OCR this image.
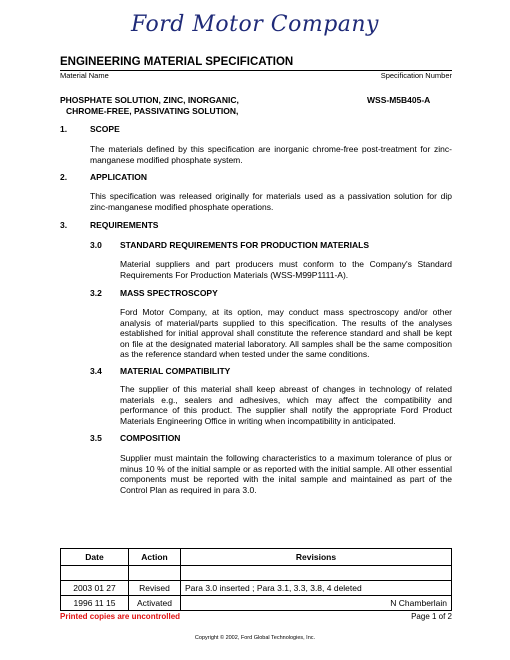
Ford Motor Company
ENGINEERING MATERIAL SPECIFICATION
Material Name	Specification Number
PHOSPHATE SOLUTION, ZINC, INORGANIC,
CHROME-FREE, PASSIVATING SOLUTION,
WSS-M5B405-A
1.	SCOPE
The materials defined by this specification are inorganic chrome-free post-treatment for zinc-manganese modified phosphate system.
2.	APPLICATION
This specification was released originally for materials used as a passivation solution for dip zinc-manganese modified phosphate operations.
3.	REQUIREMENTS
3.0 STANDARD REQUIREMENTS FOR PRODUCTION MATERIALS
Material suppliers and part producers must conform to the Company's Standard Requirements For Production Materials (WSS-M99P1111-A).
3.2 MASS SPECTROSCOPY
Ford Motor Company, at its option, may conduct mass spectroscopy and/or other analysis of material/parts supplied to this specification. The results of the analyses established for initial approval shall constitute the reference standard and shall be kept on file at the designated material laboratory. All samples shall be the same composition as the reference standard when tested under the same conditions.
3.4 MATERIAL COMPATIBILITY
The supplier of this material shall keep abreast of changes in technology of related materials e.g., sealers and adhesives, which may affect the compatibility and performance of this product. The supplier shall notify the appropriate Ford Product Materials Engineering Office in writing when incompatibility in anticipated.
3.5 COMPOSITION
Supplier must maintain the following characteristics to a maximum tolerance of plus or minus 10 % of the initial sample or as reported with the initial sample. All other essential components must be reported with the inital sample and maintained as part of the Control Plan as required in para 3.0.
Date	Action	Revisions

2003 01 27	Revised	Para 3.0 inserted ; Para 3.1, 3.3, 3.8, 4 deleted
1996 11 15	Activated	N Chamberlain
Printed copies are uncontrolled	Page 1 of 2
Copyright © 2002, Ford Global Technologies, Inc.
